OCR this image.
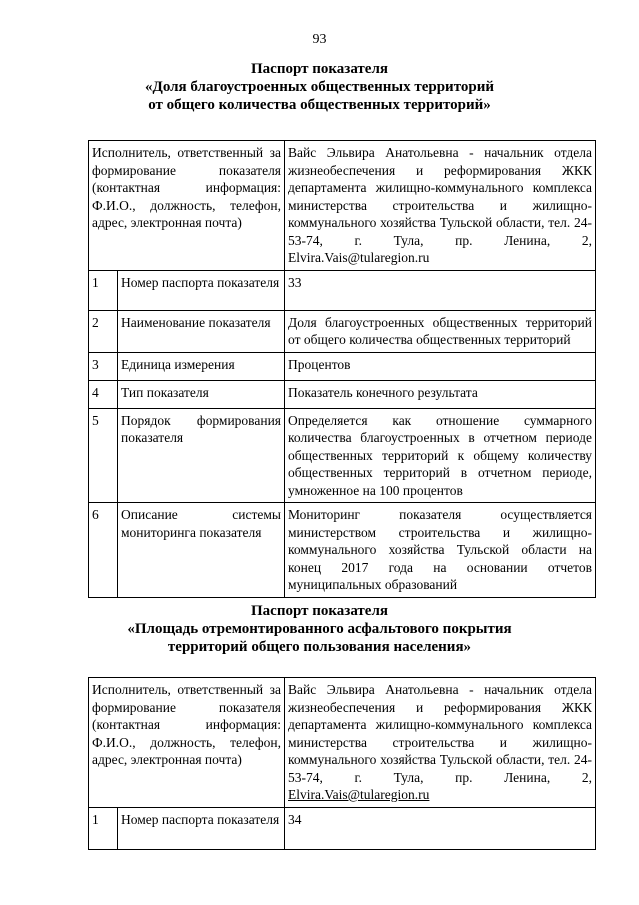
93
Паспорт показателя
«Доля благоустроенных общественных территорий
от общего количества общественных территорий»
Исполнитель, ответственный за формирование показателя (контактная информация: Ф.И.О., должность, телефон, адрес, электронная почта)		Вайс Эльвира Анатольевна - начальник отдела жизнеобеспечения и реформирования ЖКК департамента жилищно-коммунального комплекса министерства строительства и жилищно-коммунального хозяйства Тульской области, тел. 24-53-74, г. Тула, пр. Ленина, 2, Elvira.Vais@tularegion.ru
1	Номер паспорта показателя	33
2	Наименование показателя	Доля благоустроенных общественных территорий от общего количества общественных территорий
3	Единица измерения	Процентов
4	Тип показателя	Показатель конечного результата
5	Порядок формирования показателя	Определяется как отношение суммарного количества благоустроенных в отчетном периоде общественных территорий к общему количеству общественных территорий в отчетном периоде, умноженное на 100 процентов
6	Описание системы мониторинга показателя	Мониторинг показателя осуществляется министерством строительства и жилищно-коммунального хозяйства Тульской области на конец 2017 года на основании отчетов муниципальных образований
Паспорт показателя
«Площадь отремонтированного асфальтового покрытия
территорий общего пользования населения»
Исполнитель, ответственный за формирование показателя (контактная информация: Ф.И.О., должность, телефон, адрес, электронная почта)		Вайс Эльвира Анатольевна - начальник отдела жизнеобеспечения и реформирования ЖКК департамента жилищно-коммунального комплекса министерства строительства и жилищно-коммунального хозяйства Тульской области, тел. 24-53-74, г. Тула, пр. Ленина, 2, Elvira.Vais@tularegion.ru
1	Номер паспорта показателя	34
